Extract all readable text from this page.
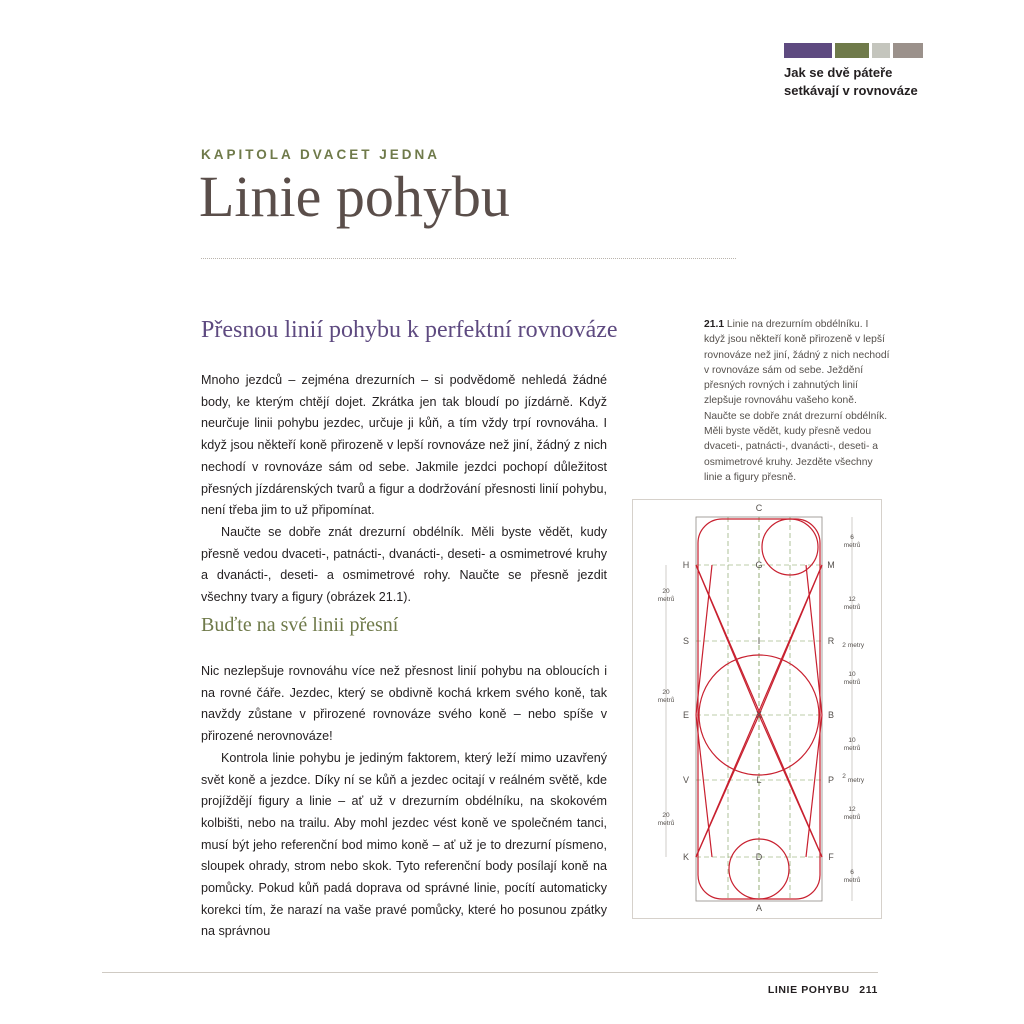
Jak se dvě páteře
setkávají v rovnováze
KAPITOLA DVACET JEDNA
Linie pohybu
Přesnou linií pohybu k perfektní rovnováze

Mnoho jezdců – zejména drezurních – si podvědomě nehledá žádné body, ke kterým chtějí dojet. Zkrátka jen tak bloudí po jízdárně. Když neurčuje linii pohybu jezdec, určuje ji kůň, a tím vždy trpí rovnováha. I když jsou někteří koně přirozeně v lepší rovnováze než jiní, žádný z nich nechodí v rovnováze sám od sebe. Jakmile jezdci pochopí důležitost přesných jízdárenských tvarů a figur a dodržování přesnosti linií pohybu, není třeba jim to už připomínat.

Naučte se dobře znát drezurní obdélník. Měli byste vědět, kudy přesně vedou dvaceti-, patnácti-, dvanácti-, deseti- a osmimetrové kruhy a dvanácti-, deseti- a osmimetrové rohy. Naučte se přesně jezdit všechny tvary a figury (obrázek 21.1).

Buďte na své linii přesní

Nic nezlepšuje rovnováhu více než přesnost linií pohybu na obloucích i na rovné čáře. Jezdec, který se obdivně kochá krkem svého koně, tak navždy zůstane v přirozené rovnováze svého koně – nebo spíše v přirozené nerovnováze!

Kontrola linie pohybu je jediným faktorem, který leží mimo uzavřený svět koně a jezdce. Díky ní se kůň a jezdec ocitají v reálném světě, kde projíždějí figury a linie – ať už v drezurním obdélníku, na skokovém kolbišti, nebo na trailu. Aby mohl jezdec vést koně ve společném tanci, musí být jeho referenční bod mimo koně – ať už je to drezurní písmeno, sloupek ohrady, strom nebo skok. Tyto referenční body posílají koně na pomůcky. Pokud kůň padá doprava od správné linie, pocítí automaticky korekci tím, že narazí na vaše pravé pomůcky, které ho posunou zpátky na správnou

21.1 Linie na drezurním obdélníku. I když jsou někteří koně přirozeně v lepší rovnováze než jiní, žádný z nich nechodí v rovnováze sám od sebe. Ježdění přesných rovných i zahnutých linií zlepšuje rovnováhu vašeho koně. Naučte se dobře znát drezurní obdélník. Měli byste vědět, kudy přesně vedou dvaceti-, patnácti-, dvanácti-, deseti- a osmimetrové kruhy. Jezděte všechny linie a figury přesně.
C
G
I
X
L
D
A
H
S
E
V
K
M
R
B
P
F
20
metrů
20
metrů
20
metrů
6
metrů
12
metrů
2 metry
10
metrů
10
metrů
2
metry
12
metrů
6
metrů
LINIE POHYBU 211
